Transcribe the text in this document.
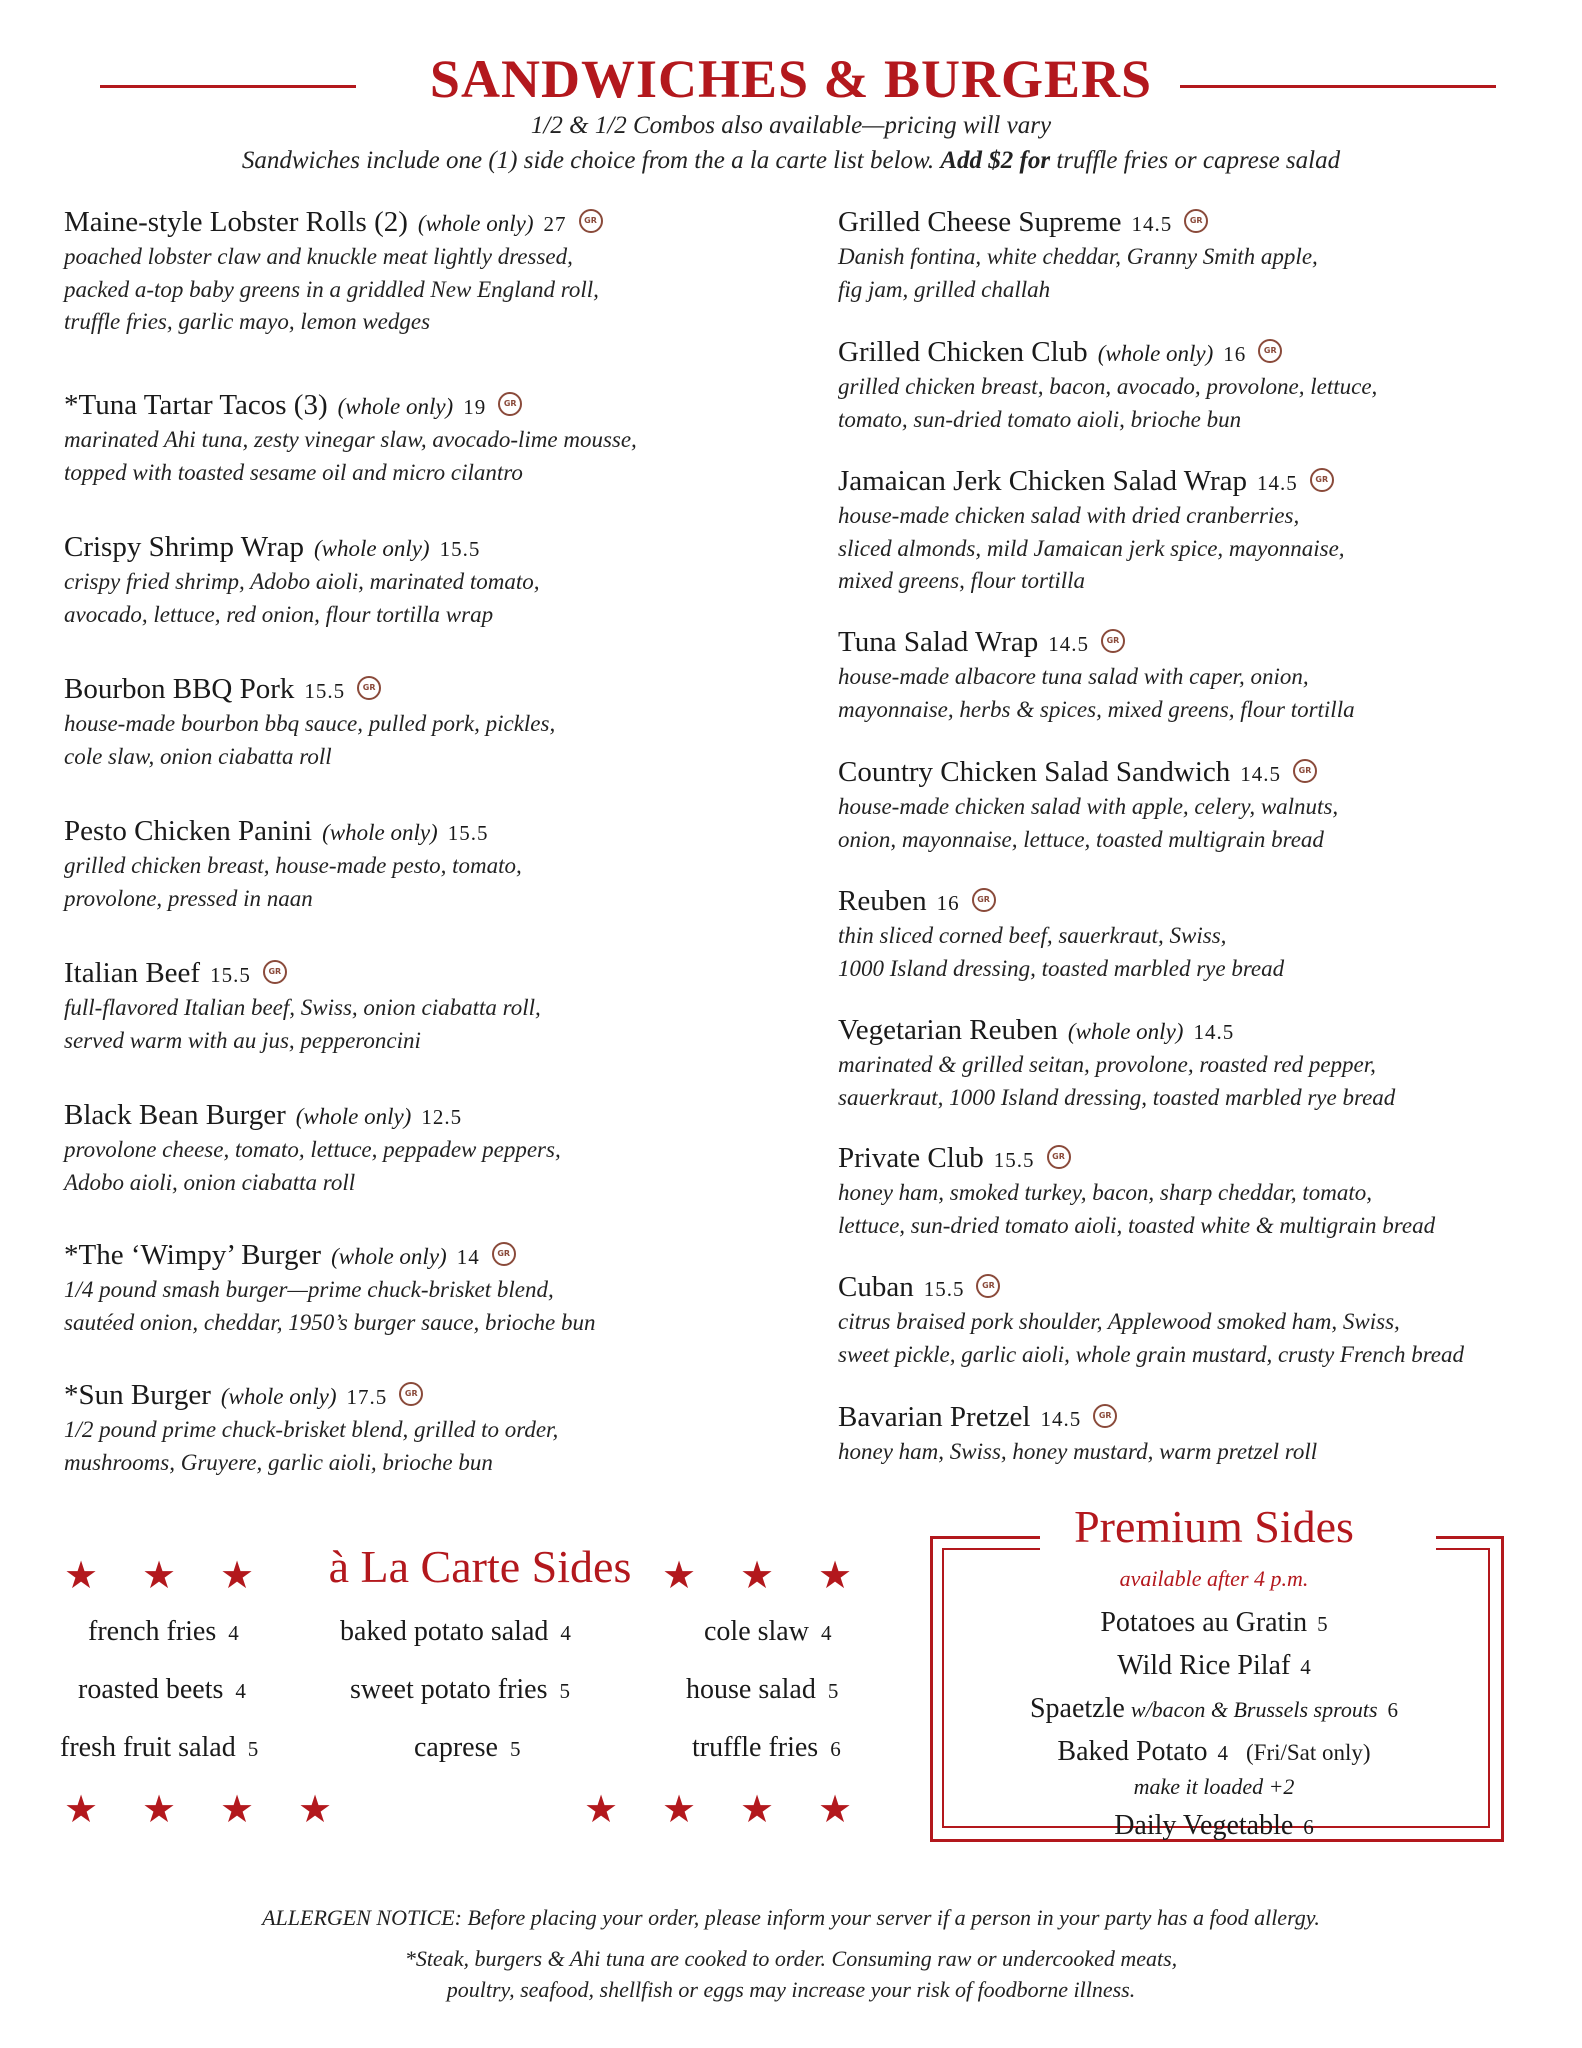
SANDWICHES & BURGERS
1/2 & 1/2 Combos also available—pricing will vary
Sandwiches include one (1) side choice from the a la carte list below. Add $2 for truffle fries or caprese salad
Maine-style Lobster Rolls (2) (whole only) 27 GR
poached lobster claw and knuckle meat lightly dressed,
packed a-top baby greens in a griddled New England roll,
truffle fries, garlic mayo, lemon wedges
*Tuna Tartar Tacos (3) (whole only) 19 GR
marinated Ahi tuna, zesty vinegar slaw, avocado-lime mousse,
topped with toasted sesame oil and micro cilantro
Crispy Shrimp Wrap (whole only) 15.5
crispy fried shrimp, Adobo aioli, marinated tomato,
avocado, lettuce, red onion, flour tortilla wrap
Bourbon BBQ Pork 15.5 GR
house-made bourbon bbq sauce, pulled pork, pickles,
cole slaw, onion ciabatta roll
Pesto Chicken Panini (whole only) 15.5
grilled chicken breast, house-made pesto, tomato,
provolone, pressed in naan
Italian Beef 15.5 GR
full-flavored Italian beef, Swiss, onion ciabatta roll,
served warm with au jus, pepperoncini
Black Bean Burger (whole only) 12.5
provolone cheese, tomato, lettuce, peppadew peppers,
Adobo aioli, onion ciabatta roll
*The ‘Wimpy’ Burger (whole only) 14 GR
1/4 pound smash burger—prime chuck-brisket blend,
sautéed onion, cheddar, 1950’s burger sauce, brioche bun
*Sun Burger (whole only) 17.5 GR
1/2 pound prime chuck-brisket blend, grilled to order,
mushrooms, Gruyere, garlic aioli, brioche bun
Grilled Cheese Supreme 14.5 GR
Danish fontina, white cheddar, Granny Smith apple,
fig jam, grilled challah
Grilled Chicken Club (whole only) 16 GR
grilled chicken breast, bacon, avocado, provolone, lettuce,
tomato, sun-dried tomato aioli, brioche bun
Jamaican Jerk Chicken Salad Wrap 14.5 GR
house-made chicken salad with dried cranberries,
sliced almonds, mild Jamaican jerk spice, mayonnaise,
mixed greens, flour tortilla
Tuna Salad Wrap 14.5 GR
house-made albacore tuna salad with caper, onion,
mayonnaise, herbs & spices, mixed greens, flour tortilla
Country Chicken Salad Sandwich 14.5 GR
house-made chicken salad with apple, celery, walnuts,
onion, mayonnaise, lettuce, toasted multigrain bread
Reuben 16 GR
thin sliced corned beef, sauerkraut, Swiss,
1000 Island dressing, toasted marbled rye bread
Vegetarian Reuben (whole only) 14.5
marinated & grilled seitan, provolone, roasted red pepper,
sauerkraut, 1000 Island dressing, toasted marbled rye bread
Private Club 15.5 GR
honey ham, smoked turkey, bacon, sharp cheddar, tomato,
lettuce, sun-dried tomato aioli, toasted white & multigrain bread
Cuban 15.5 GR
citrus braised pork shoulder, Applewood smoked ham, Swiss,
sweet pickle, garlic aioli, whole grain mustard, crusty French bread
Bavarian Pretzel 14.5 GR
honey ham, Swiss, honey mustard, warm pretzel roll
★ ★ ★	★ ★ ★
à La Carte Sides
french fries 4	baked potato salad 4	cole slaw 4
roasted beets 4	sweet potato fries 5	house salad 5
fresh fruit salad 5	caprese 5	truffle fries 6
★ ★ ★ ★	★ ★ ★ ★
Premium Sides
available after 4 p.m.
Potatoes au Gratin 5
Wild Rice Pilaf 4
Spaetzle w/bacon & Brussels sprouts 6
Baked Potato 4 (Fri/Sat only)
make it loaded +2
Daily Vegetable 6
ALLERGEN NOTICE: Before placing your order, please inform your server if a person in your party has a food allergy.
*Steak, burgers & Ahi tuna are cooked to order. Consuming raw or undercooked meats,
poultry, seafood, shellfish or eggs may increase your risk of foodborne illness.
